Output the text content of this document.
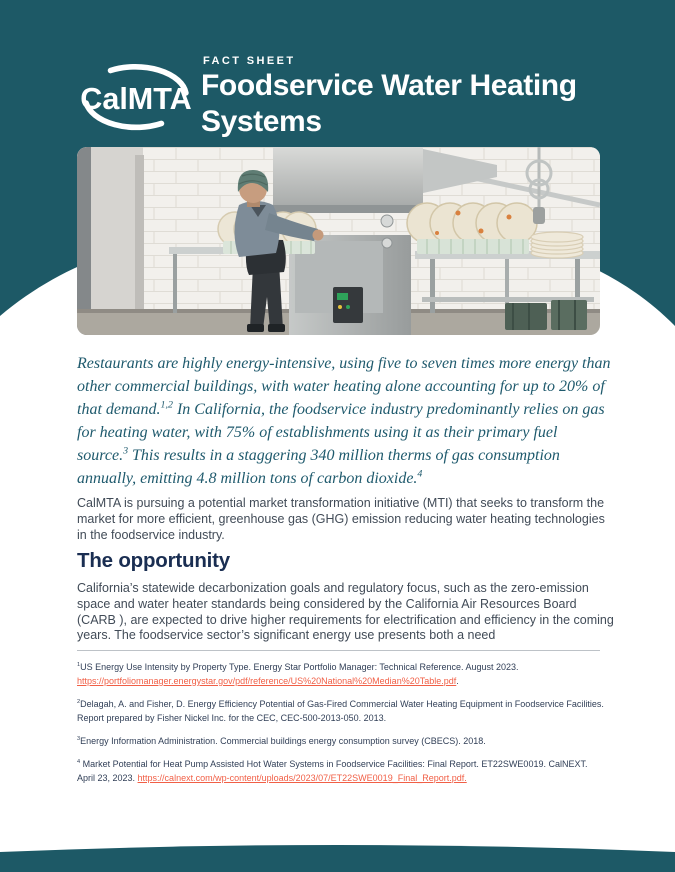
CalMTA
FACT SHEET
Foodservice Water Heating Systems

Restaurants are highly energy-intensive, using five to seven times more energy than other commercial buildings, with water heating alone accounting for up to 20% of that demand.$^{1,2}$ In California, the foodservice industry predominantly relies on gas for heating water, with 75% of establishments using it as their primary fuel source.$^3$ This results in a staggering 340 million therms of gas consumption annually, emitting 4.8 million tons of carbon dioxide.$^4$

CalMTA is pursuing a potential market transformation initiative (MTI) that seeks to transform the market for more efficient, greenhouse gas (GHG) emission reducing water heating technologies in the foodservice industry.

The opportunity

California’s statewide decarbonization goals and regulatory focus, such as the zero-emission space and water heater standards being considered by the California Air Resources Board (CARB ), are expected to drive higher requirements for electrification and efficiency in the coming years. The foodservice sector’s significant energy use presents both a need

$^1$US Energy Use Intensity by Property Type. Energy Star Portfolio Manager: Technical Reference. August 2023. https://portfoliomanager.energystar.gov/pdf/reference/US%20National%20Median%20Table.pdf.
$^2$Delagah, A. and Fisher, D. Energy Efficiency Potential of Gas-Fired Commercial Water Heating Equipment in Foodservice Facilities. Report prepared by Fisher Nickel Inc. for the CEC, CEC-500-2013-050. 2013.
$^3$Energy Information Administration. Commercial buildings energy consumption survey (CBECS). 2018.
$^4$ Market Potential for Heat Pump Assisted Hot Water Systems in Foodservice Facilities: Final Report. ET22SWE0019. CalNEXT. April 23, 2023. https://calnext.com/wp-content/uploads/2023/07/ET22SWE0019_Final_Report.pdf.
